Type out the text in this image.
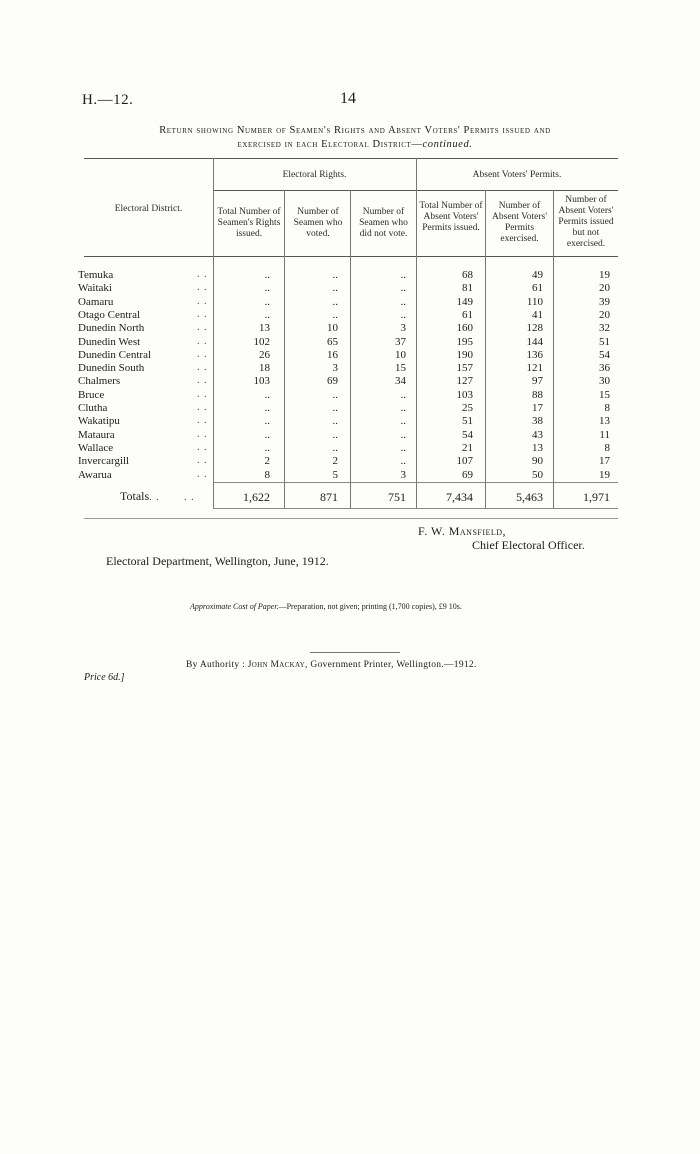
H.—12.	14
Return showing Number of Seamen's Rights and Absent Voters' Permits issued and
exercised in each Electoral District—continued.
Electoral District.
Electoral Rights.	Absent Voters' Permits.
Total Number of Seamen's Rights issued.
Number of Seamen who voted.
Number of Seamen who did not vote.
Total Number of Absent Voters' Permits issued.
Number of Absent Voters' Permits exercised.
Number of Absent Voters' Permits issued but not exercised.
Temuka	. .	..	..	..	68	49	19
Waitaki	. .	..	..	..	81	61	20
Oamaru	. .	..	..	..	149	110	39
Otago Central	. .	..	..	..	61	41	20
Dunedin North	. .	13	10	3	160	128	32
Dunedin West	. .	102	65	37	195	144	51
Dunedin Central	. .	26	16	10	190	136	54
Dunedin South	. .	18	3	15	157	121	36
Chalmers	. .	103	69	34	127	97	30
Bruce	. .	..	..	..	103	88	15
Clutha	. .	..	..	..	25	17	8
Wakatipu	. .	..	..	..	51	38	13
Mataura	. .	..	..	..	54	43	11
Wallace	. .	..	..	..	21	13	8
Invercargill	. .	2	2	..	107	90	17
Awarua	. .	8	5	3	69	50	19
Totals. .       . .	1,622	871	751	7,434	5,463	1,971
F. W. Mansfield,
Chief Electoral Officer.
Electoral Department, Wellington, June, 1912.
Approximate Cost of Paper.—Preparation, not given; printing (1,700 copies), £9 10s.
By Authority : John Mackay, Government Printer, Wellington.—1912.
Price 6d.]
